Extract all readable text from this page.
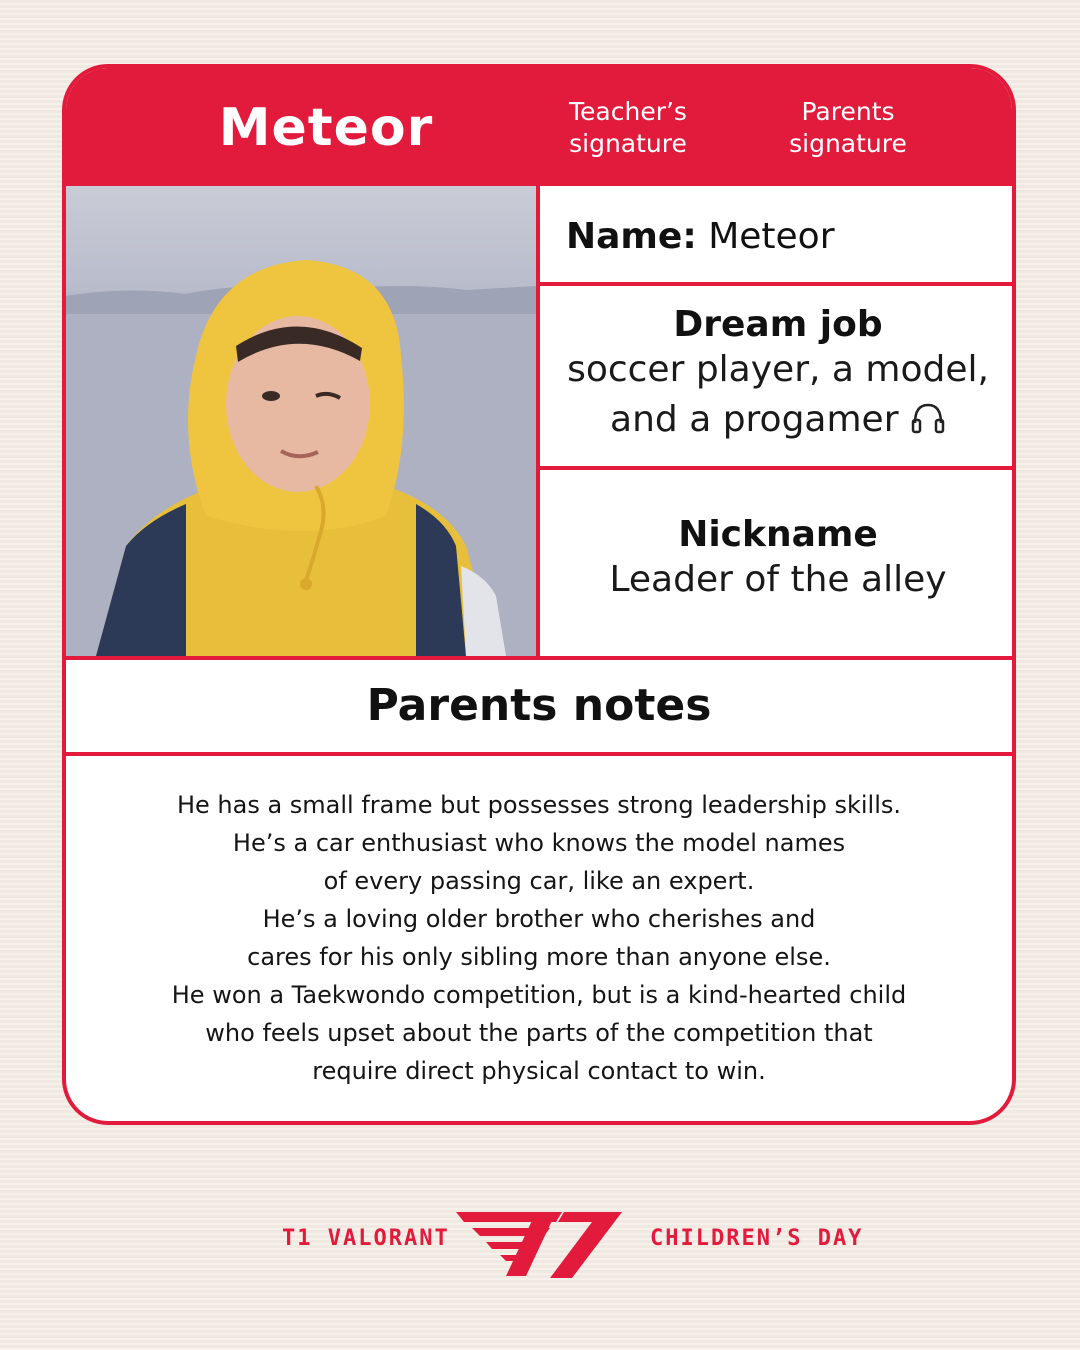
Meteor	Teacher’s signature
Parents signature
Name: Meteor
Dream job
soccer player, a model,
and a progamer
Nickname
Leader of the alley
Parents notes
He has a small frame but possesses strong leadership skills.
He’s a car enthusiast who knows the model names
of every passing car, like an expert.
He’s a loving older brother who cherishes and
cares for his only sibling more than anyone else.
He won a Taekwondo competition, but is a kind-hearted child
who feels upset about the parts of the competition that
require direct physical contact to win.
T1 VALORANT	CHILDREN’S DAY
